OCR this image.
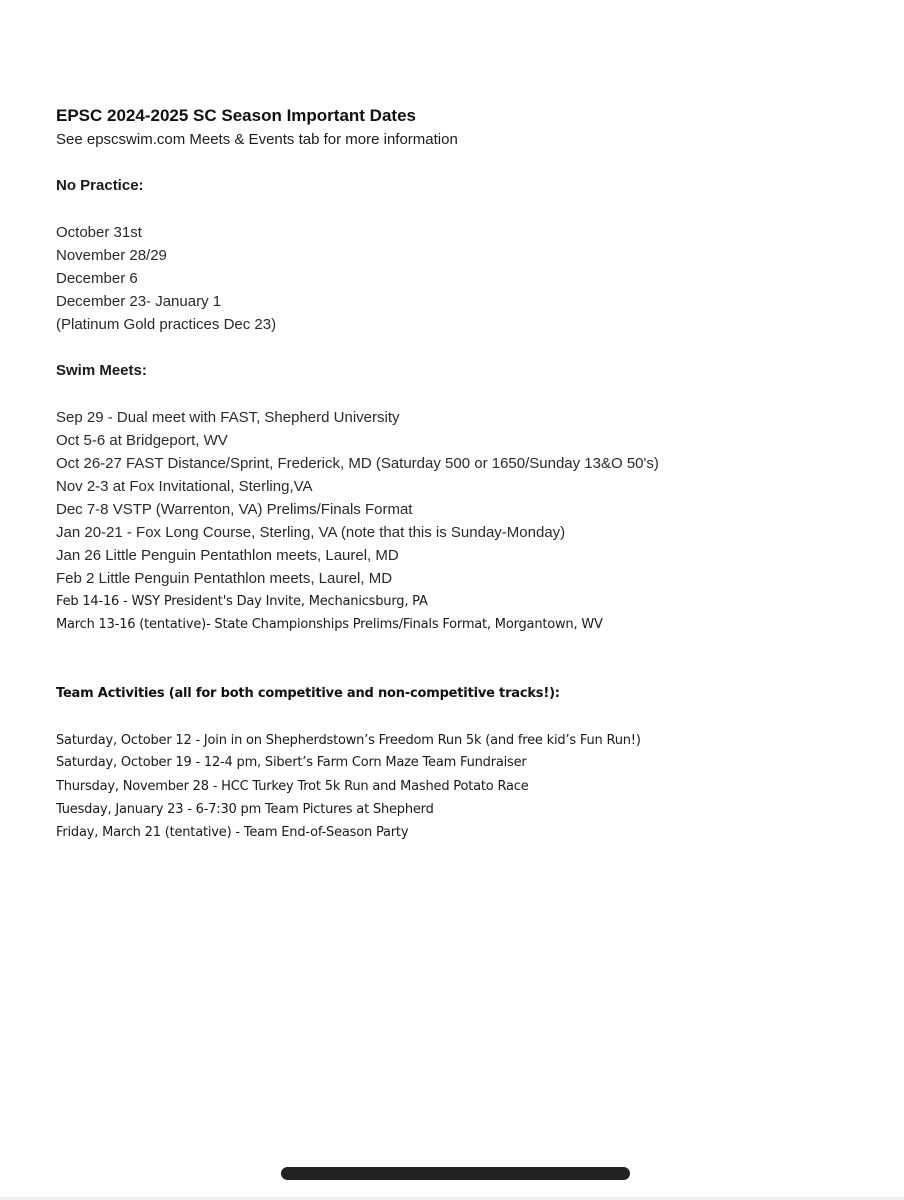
EPSC 2024-2025 SC Season Important Dates
See epscswim.com Meets & Events tab for more information
No Practice:
October 31st
November 28/29
December 6
December 23- January 1
(Platinum Gold practices Dec 23)
Swim Meets:
Sep 29 - Dual meet with FAST, Shepherd University
Oct 5-6 at Bridgeport, WV
Oct 26-27 FAST Distance/Sprint, Frederick, MD (Saturday 500 or 1650/Sunday 13&O 50's)
Nov 2-3 at Fox Invitational, Sterling,VA
Dec 7-8 VSTP (Warrenton, VA) Prelims/Finals Format
Jan 20-21 - Fox Long Course, Sterling, VA (note that this is Sunday-Monday)
Jan 26 Little Penguin Pentathlon meets, Laurel, MD
Feb 2 Little Penguin Pentathlon meets, Laurel, MD
Feb 14-16 - WSY President's Day Invite, Mechanicsburg, PA
March 13-16 (tentative)- State Championships Prelims/Finals Format, Morgantown, WV
Team Activities (all for both competitive and non-competitive tracks!):
Saturday, October 12 - Join in on Shepherdstown’s Freedom Run 5k (and free kid’s Fun Run!)
Saturday, October 19 - 12-4 pm, Sibert’s Farm Corn Maze Team Fundraiser
Thursday, November 28 - HCC Turkey Trot 5k Run and Mashed Potato Race
Tuesday, January 23 - 6-7:30 pm Team Pictures at Shepherd
Friday, March 21 (tentative) - Team End-of-Season Party
